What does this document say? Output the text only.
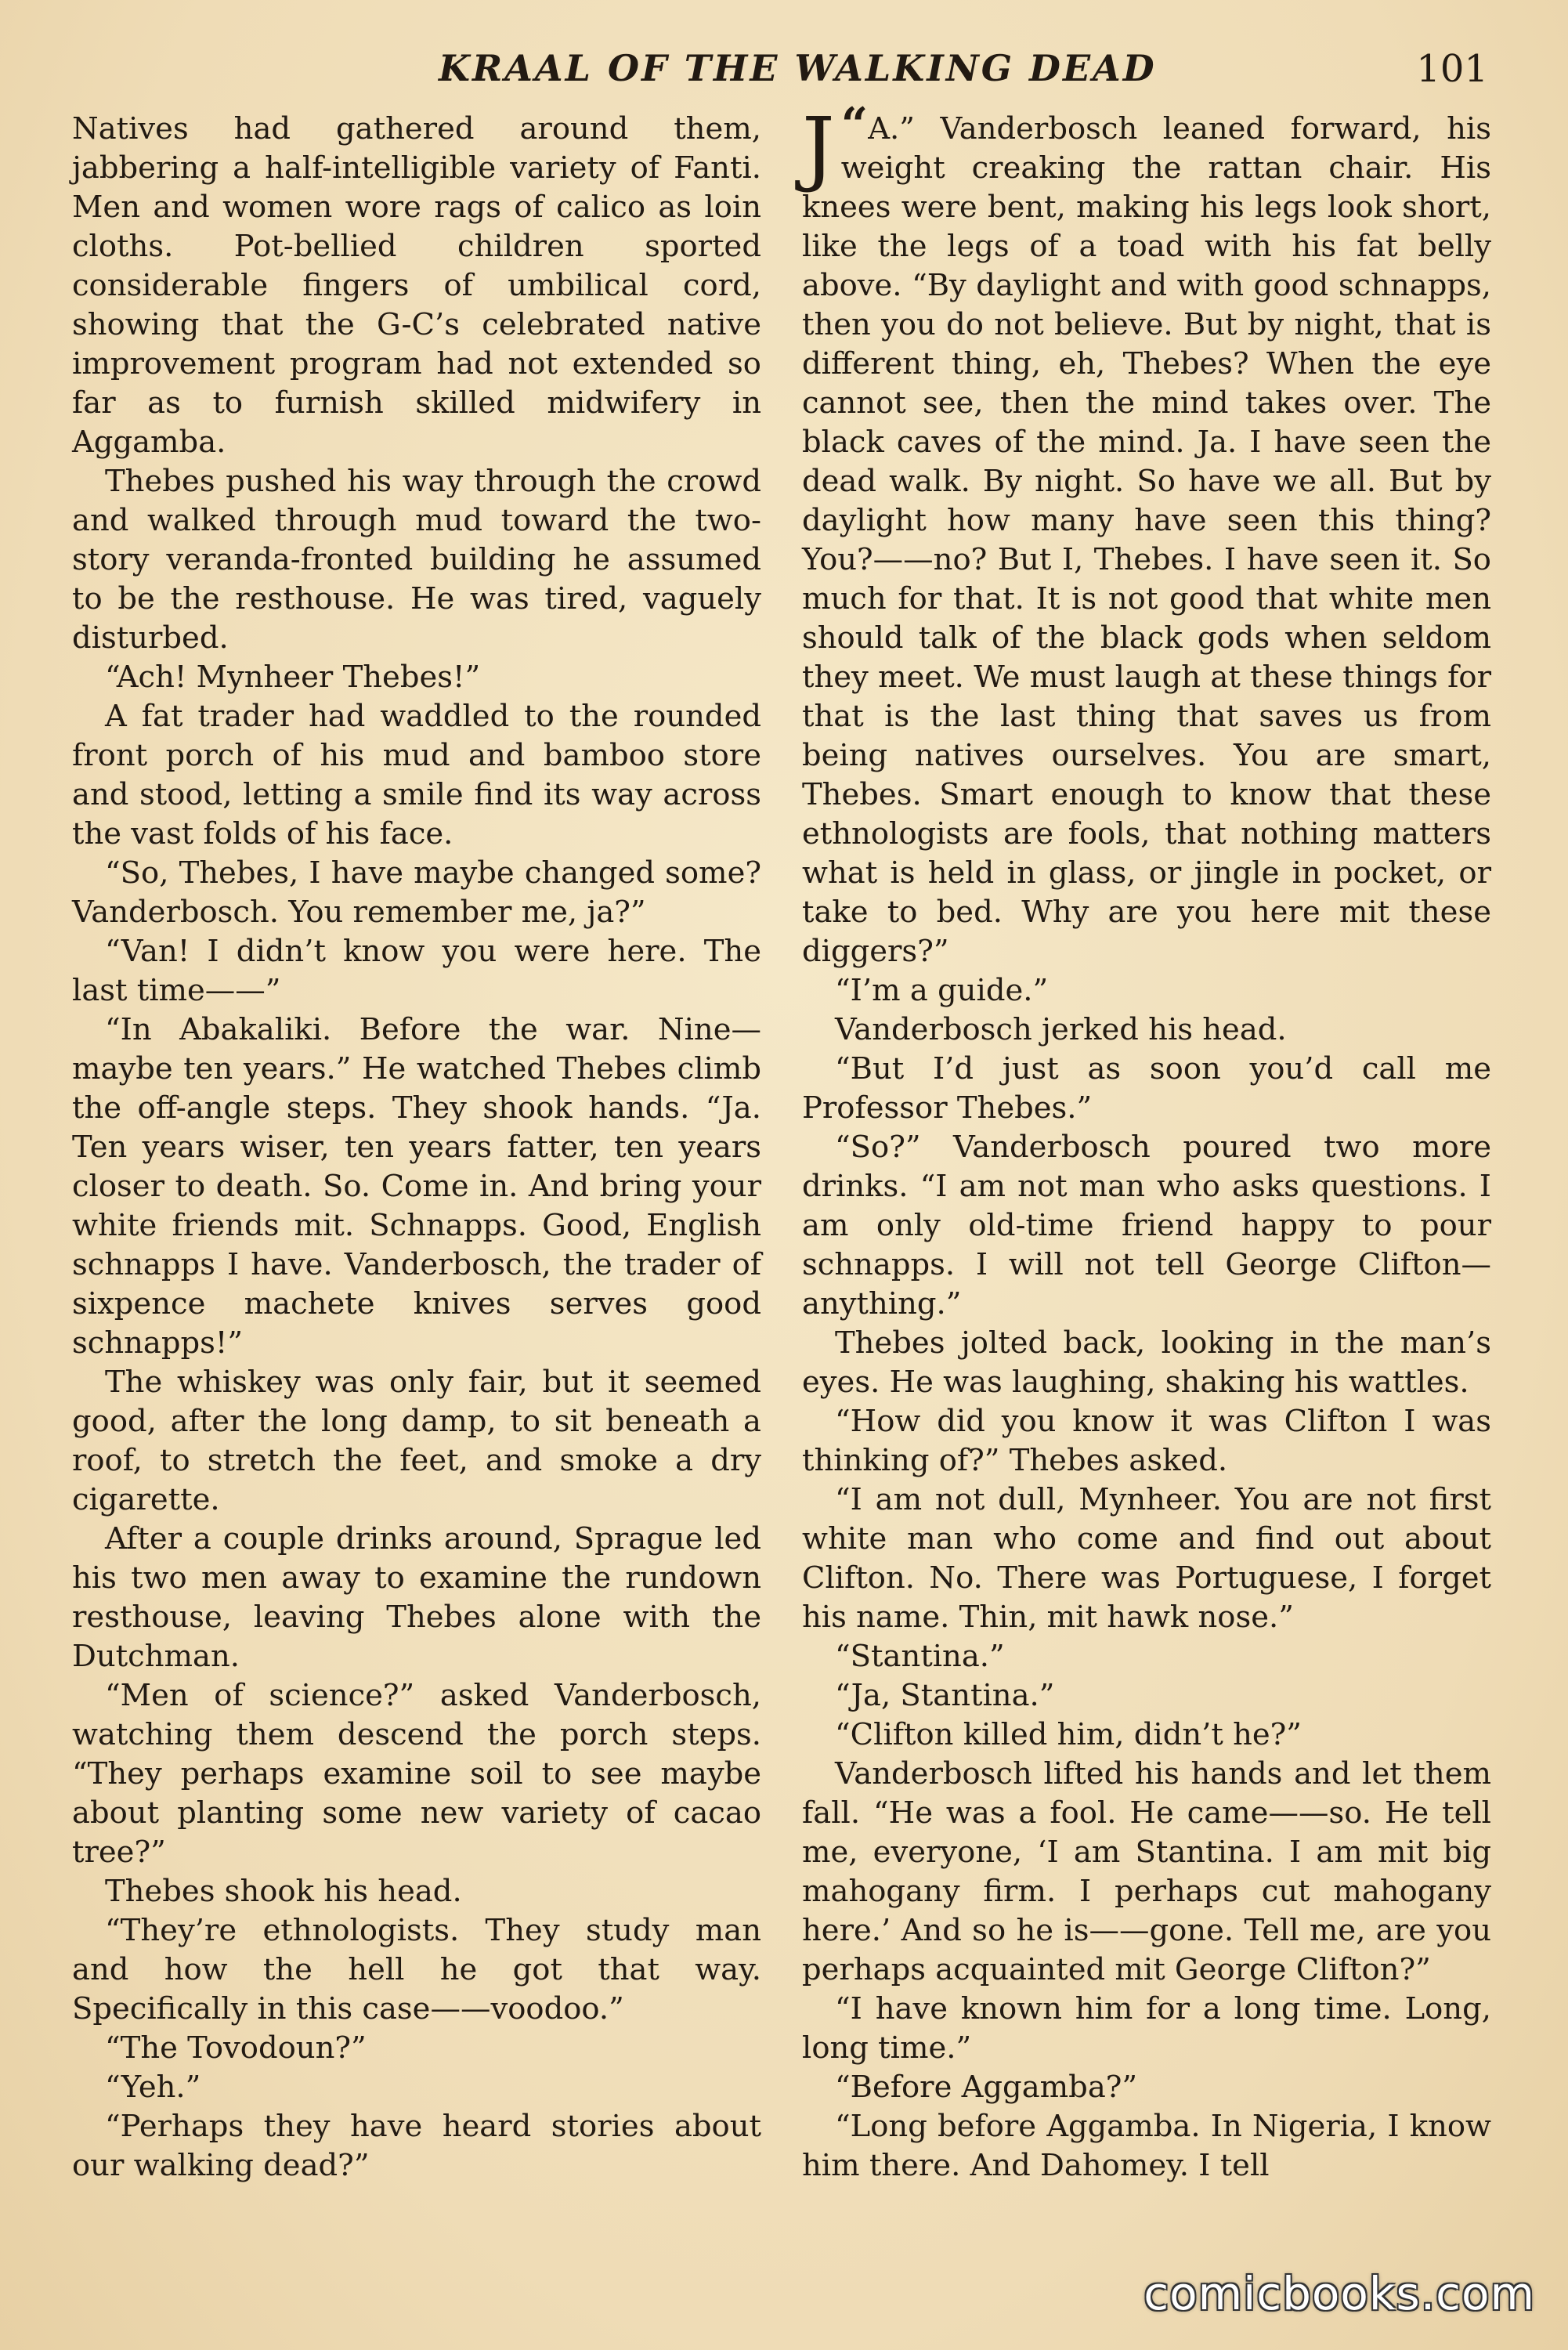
KRAAL OF THE WALKING DEAD	101

Natives had gathered around them, jabbering a half-intelligible variety of Fanti. Men and women wore rags of calico as loin cloths. Pot-bellied children sported considerable fingers of umbilical cord, showing that the G-C’s celebrated native improvement program had not extended so far as to furnish skilled midwifery in Aggamba.

Thebes pushed his way through the crowd and walked through mud toward the two-story veranda-fronted building he assumed to be the resthouse. He was tired, vaguely disturbed.

“Ach! Mynheer Thebes!”

A fat trader had waddled to the rounded front porch of his mud and bamboo store and stood, letting a smile find its way across the vast folds of his face.

“So, Thebes, I have maybe changed some? Vanderbosch. You remember me, ja?”

“Van! I didn’t know you were here. The last time——”

“In Abakaliki. Before the war. Nine—maybe ten years.” He watched Thebes climb the off-angle steps. They shook hands. “Ja. Ten years wiser, ten years fatter, ten years closer to death. So. Come in. And bring your white friends mit. Schnapps. Good, English schnapps I have. Vanderbosch, the trader of sixpence machete knives serves good schnapps!”

The whiskey was only fair, but it seemed good, after the long damp, to sit beneath a roof, to stretch the feet, and smoke a dry cigarette.

After a couple drinks around, Sprague led his two men away to examine the rundown resthouse, leaving Thebes alone with the Dutchman.

“Men of science?” asked Vanderbosch, watching them descend the porch steps. “They perhaps examine soil to see maybe about planting some new variety of cacao tree?”

Thebes shook his head.

“They’re ethnologists. They study man and how the hell he got that way. Specifically in this case——voodoo.”

“The Tovodoun?”

“Yeh.”

“Perhaps they have heard stories about our walking dead?”

“
J A.” Vanderbosch leaned forward, his weight creaking the rattan chair. His knees were bent, making his legs look short, like the legs of a toad with his fat belly above. “By daylight and with good schnapps, then you do not believe. But by night, that is different thing, eh, Thebes? When the eye cannot see, then the mind takes over. The black caves of the mind. Ja. I have seen the dead walk. By night. So have we all. But by daylight how many have seen this thing? You?——no? But I, Thebes. I have seen it. So much for that. It is not good that white men should talk of the black gods when seldom they meet. We must laugh at these things for that is the last thing that saves us from being natives ourselves. You are smart, Thebes. Smart enough to know that these ethnologists are fools, that nothing matters what is held in glass, or jingle in pocket, or take to bed. Why are you here mit these diggers?”

“I’m a guide.”

Vanderbosch jerked his head.

“But I’d just as soon you’d call me Professor Thebes.”

“So?” Vanderbosch poured two more drinks. “I am not man who asks questions. I am only old-time friend happy to pour schnapps. I will not tell George Clifton—anything.”

Thebes jolted back, looking in the man’s eyes. He was laughing, shaking his wattles.

“How did you know it was Clifton I was thinking of?” Thebes asked.

“I am not dull, Mynheer. You are not first white man who come and find out about Clifton. No. There was Portuguese, I forget his name. Thin, mit hawk nose.”

“Stantina.”

“Ja, Stantina.”

“Clifton killed him, didn’t he?”

Vanderbosch lifted his hands and let them fall. “He was a fool. He came——so. He tell me, everyone, ‘I am Stantina. I am mit big mahogany firm. I perhaps cut mahogany here.’ And so he is——gone. Tell me, are you perhaps acquainted mit George Clifton?”

“I have known him for a long time. Long, long time.”

“Before Aggamba?”

“Long before Aggamba. In Nigeria, I know him there. And Dahomey. I tell

comicbooks.com
